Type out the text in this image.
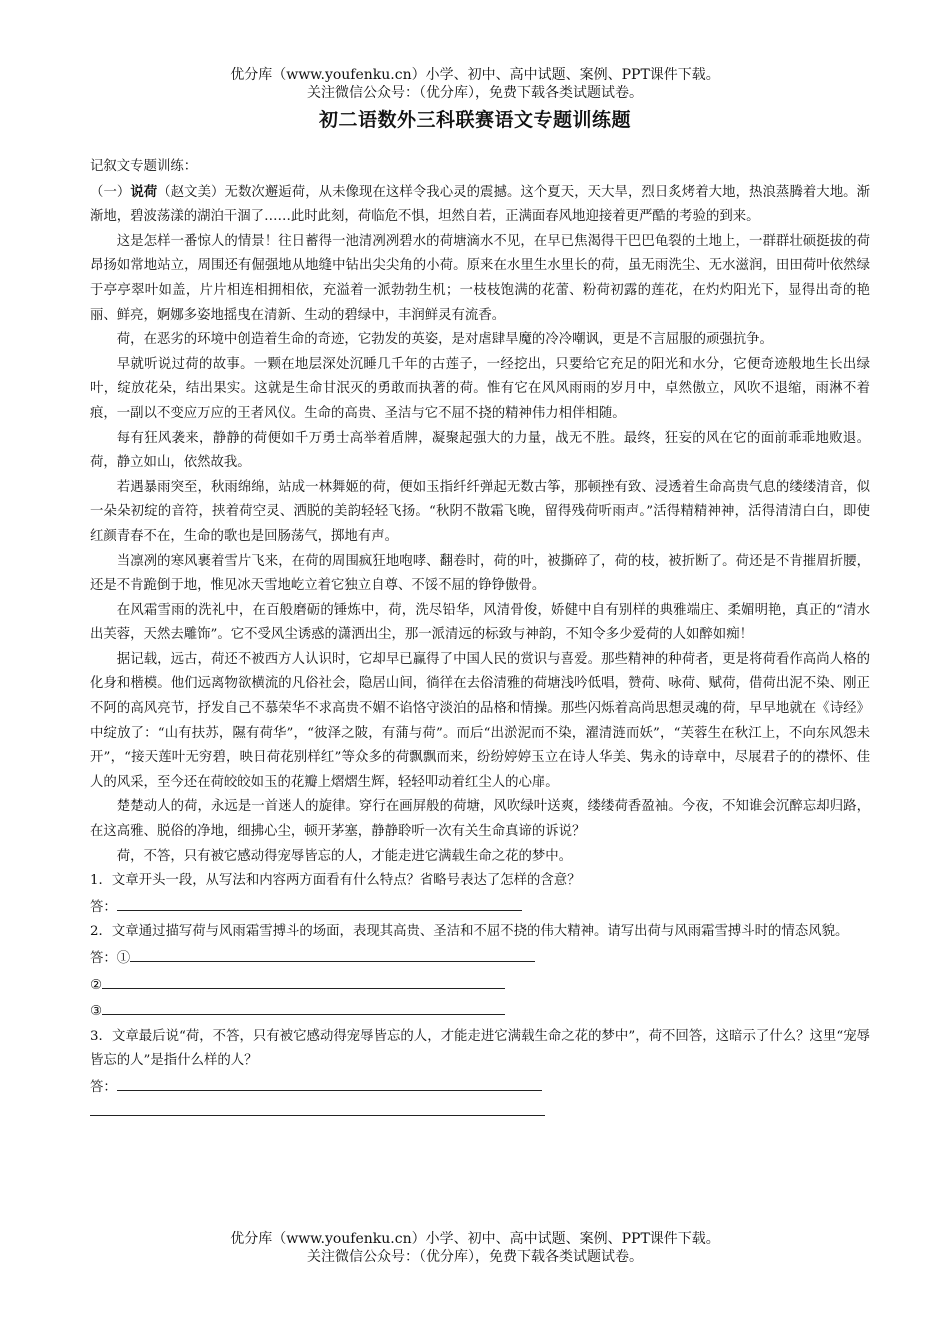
优分库（www.youfenku.cn）小学、初中、高中试题、案例、PPT课件下载。
关注微信公众号：（优分库），免费下载各类试题试卷。
初二语数外三科联赛语文专题训练题

记叙文专题训练：

（一）说荷（赵文美）无数次邂逅荷，从未像现在这样令我心灵的震撼。这个夏天，天大旱，烈日炙烤着大地，热浪蒸腾着大地。渐渐地，碧波荡漾的湖泊干涸了……此时此刻，荷临危不惧，坦然自若，正满面春风地迎接着更严酷的考验的到来。

这是怎样一番惊人的情景！往日蓄得一池清冽冽碧水的荷塘滴水不见，在早已焦渴得干巴巴龟裂的土地上，一群群壮硕挺拔的荷昂扬如常地站立，周围还有倔强地从地缝中钻出尖尖角的小荷。原来在水里生水里长的荷，虽无雨洗尘、无水滋润，田田荷叶依然绿于亭亭翠叶如盖，片片相连相拥相依，充溢着一派勃勃生机；一枝枝饱满的花蕾、粉荷初露的莲花，在灼灼阳光下，显得出奇的艳丽、鲜亮，婀娜多姿地摇曳在清新、生动的碧绿中，丰润鲜灵有流香。

荷，在恶劣的环境中创造着生命的奇迹，它勃发的英姿，是对虐肆旱魔的冷冷嘲讽，更是不言屈服的顽强抗争。

早就听说过荷的故事。一颗在地层深处沉睡几千年的古莲子，一经挖出，只要给它充足的阳光和水分，它便奇迹般地生长出绿叶，绽放花朵，结出果实。这就是生命甘泯灭的勇敢而执著的荷。惟有它在风风雨雨的岁月中，卓然傲立，风吹不退缩，雨淋不着痕，一副以不变应万应的王者风仪。生命的高贵、圣洁与它不屈不挠的精神伟力相伴相随。

每有狂风袭来，静静的荷便如千万勇士高举着盾牌，凝聚起强大的力量，战无不胜。最终，狂妄的风在它的面前乖乖地败退。荷，静立如山，依然故我。

若遇暴雨突至，秋雨绵绵，站成一林舞姬的荷，便如玉指纤纤弹起无数古筝，那顿挫有致、浸透着生命高贵气息的缕缕清音，似一朵朵初绽的音符，挟着荷空灵、洒脱的美韵轻轻飞扬。“秋阴不散霜飞晚，留得残荷听雨声。”活得精精神神，活得清清白白，即使红颜青春不在，生命的歌也是回肠荡气，掷地有声。

当凛冽的寒风裹着雪片飞来，在荷的周围疯狂地咆哮、翻卷时，荷的叶，被撕碎了，荷的枝，被折断了。荷还是不肯摧眉折腰，还是不肯跪倒于地，惟见冰天雪地屹立着它独立自尊、不馁不屈的铮铮傲骨。

在风霜雪雨的洗礼中，在百般磨砺的锤炼中，荷，洗尽铅华，风清骨俊，娇健中自有别样的典雅端庄、柔媚明艳，真正的“清水出芙蓉，天然去雕饰”。它不受风尘诱惑的潇洒出尘，那一派清远的标致与神韵，不知令多少爱荷的人如醉如痴！

据记载，远古，荷还不被西方人认识时，它却早已赢得了中国人民的赏识与喜爱。那些精神的种荷者，更是将荷看作高尚人格的化身和楷模。他们远离物欲横流的凡俗社会，隐居山间，徜徉在去俗清雅的荷塘浅吟低唱，赞荷、咏荷、赋荷，借荷出泥不染、刚正不阿的高风亮节，抒发自己不慕荣华不求高贵不媚不谄恪守淡泊的品格和情操。那些闪烁着高尚思想灵魂的荷，早早地就在《诗经》中绽放了：“山有扶苏，隰有荷华”，“彼泽之陂，有蒲与荷”。而后“出淤泥而不染，濯清涟而妖”，“芙蓉生在秋江上，不向东风怨未开”，“接天莲叶无穷碧，映日荷花别样红”等众多的荷飘飘而来，纷纷婷婷玉立在诗人华美、隽永的诗章中，尽展君子的的襟怀、佳人的风采，至今还在荷皎皎如玉的花瓣上熠熠生辉，轻轻叩动着红尘人的心扉。

楚楚动人的荷，永远是一首迷人的旋律。穿行在画屏般的荷塘，风吹绿叶送爽，缕缕荷香盈袖。今夜，不知谁会沉醉忘却归路，在这高雅、脱俗的净地，细拂心尘，顿开茅塞，静静聆听一次有关生命真谛的诉说？

荷，不答，只有被它感动得宠辱皆忘的人，才能走进它满载生命之花的梦中。

1．文章开头一段，从写法和内容两方面看有什么特点？省略号表达了怎样的含意？

答：

2．文章通过描写荷与风雨霜雪搏斗的场面，表现其高贵、圣洁和不屈不挠的伟大精神。请写出荷与风雨霜雪搏斗时的情态风貌。

答：①

②

③

3．文章最后说“荷，不答，只有被它感动得宠辱皆忘的人，才能走进它满载生命之花的梦中”，荷不回答，这暗示了什么？这里“宠辱皆忘的人”是指什么样的人？

答：

优分库（www.youfenku.cn）小学、初中、高中试题、案例、PPT课件下载。
关注微信公众号：（优分库），免费下载各类试题试卷。
